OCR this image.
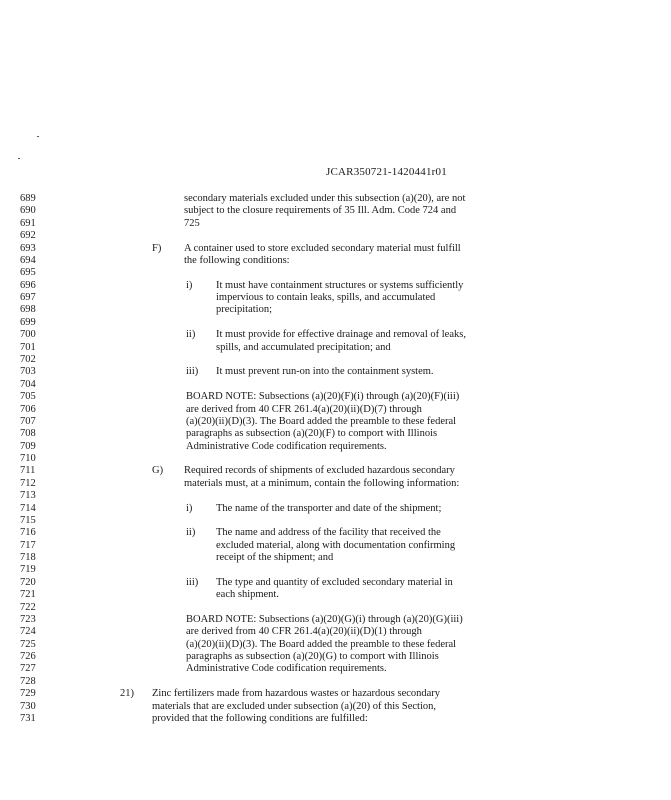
JCAR350721-1420441r01
689	secondary materials excluded under this subsection (a)(20), are not
690	subject to the closure requirements of 35 Ill. Adm. Code 724 and
691	725
692
693	F) A container used to store excluded secondary material must fulfill
694	the following conditions:
695
696	i) It must have containment structures or systems sufficiently
697	impervious to contain leaks, spills, and accumulated
698	precipitation;
699
700	ii) It must provide for effective drainage and removal of leaks,
701	spills, and accumulated precipitation; and
702
703	iii) It must prevent run-on into the containment system.
704
705	BOARD NOTE: Subsections (a)(20)(F)(i) through (a)(20)(F)(iii)
706	are derived from 40 CFR 261.4(a)(20)(ii)(D)(7) through
707	(a)(20)(ii)(D)(3). The Board added the preamble to these federal
708	paragraphs as subsection (a)(20)(F) to comport with Illinois
709	Administrative Code codification requirements.
710
711	G) Required records of shipments of excluded hazardous secondary
712	materials must, at a minimum, contain the following information:
713
714	i) The name of the transporter and date of the shipment;
715
716	ii) The name and address of the facility that received the
717	excluded material, along with documentation confirming
718	receipt of the shipment; and
719
720	iii) The type and quantity of excluded secondary material in
721	each shipment.
722
723	BOARD NOTE: Subsections (a)(20)(G)(i) through (a)(20)(G)(iii)
724	are derived from 40 CFR 261.4(a)(20)(ii)(D)(1) through
725	(a)(20)(ii)(D)(3). The Board added the preamble to these federal
726	paragraphs as subsection (a)(20)(G) to comport with Illinois
727	Administrative Code codification requirements.
728
729	21) Zinc fertilizers made from hazardous wastes or hazardous secondary
730	materials that are excluded under subsection (a)(20) of this Section,
731	provided that the following conditions are fulfilled:
